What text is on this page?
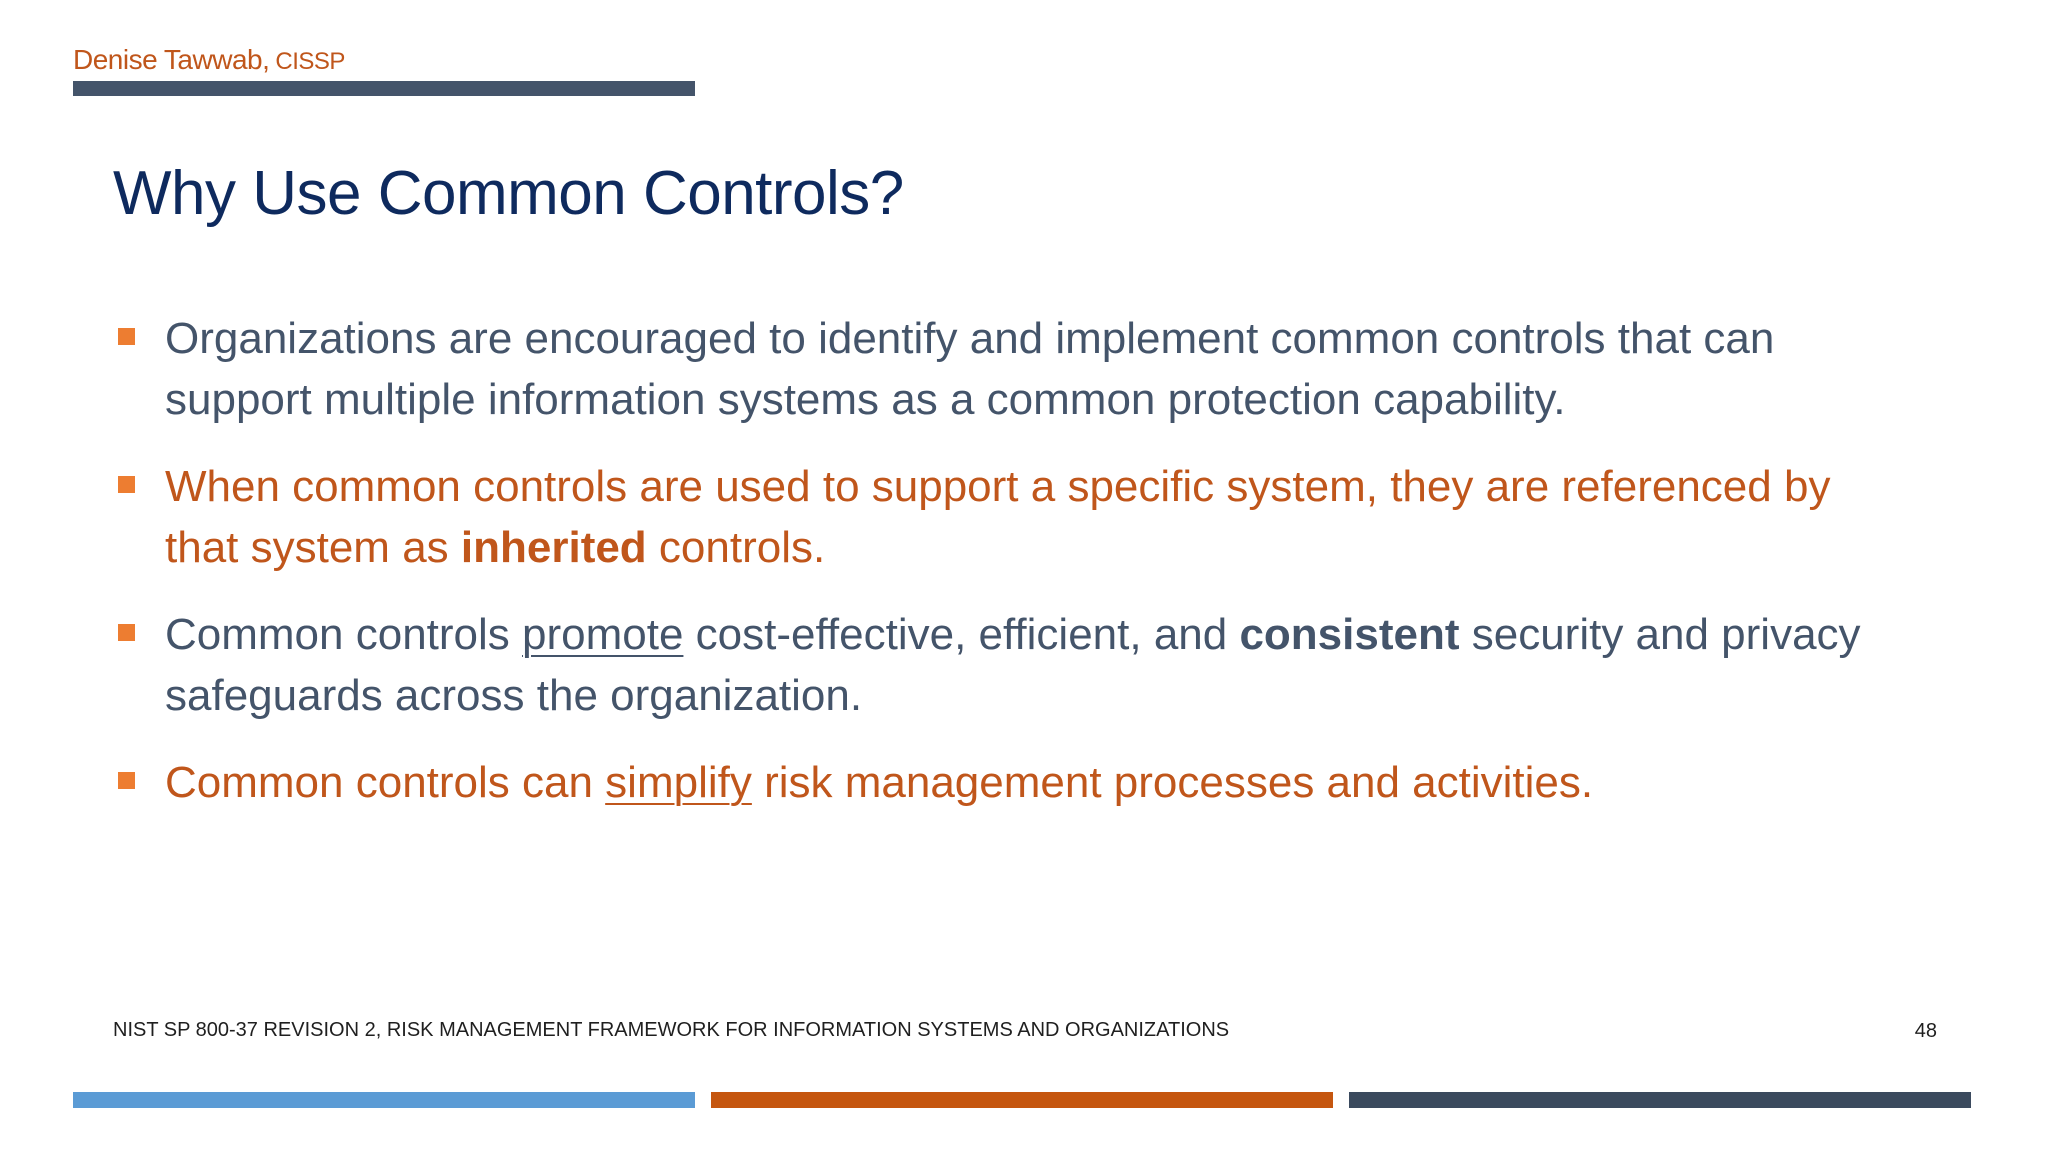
Denise Tawwab, CISSP
Why Use Common Controls?
Organizations are encouraged to identify and implement common controls that can support multiple information systems as a common protection capability.
When common controls are used to support a specific system, they are referenced by that system as inherited controls.
Common controls promote cost-effective, efficient, and consistent security and privacy safeguards across the organization.
Common controls can simplify risk management processes and activities.
NIST SP 800-37 REVISION 2, RISK MANAGEMENT FRAMEWORK FOR INFORMATION SYSTEMS AND ORGANIZATIONS	48
